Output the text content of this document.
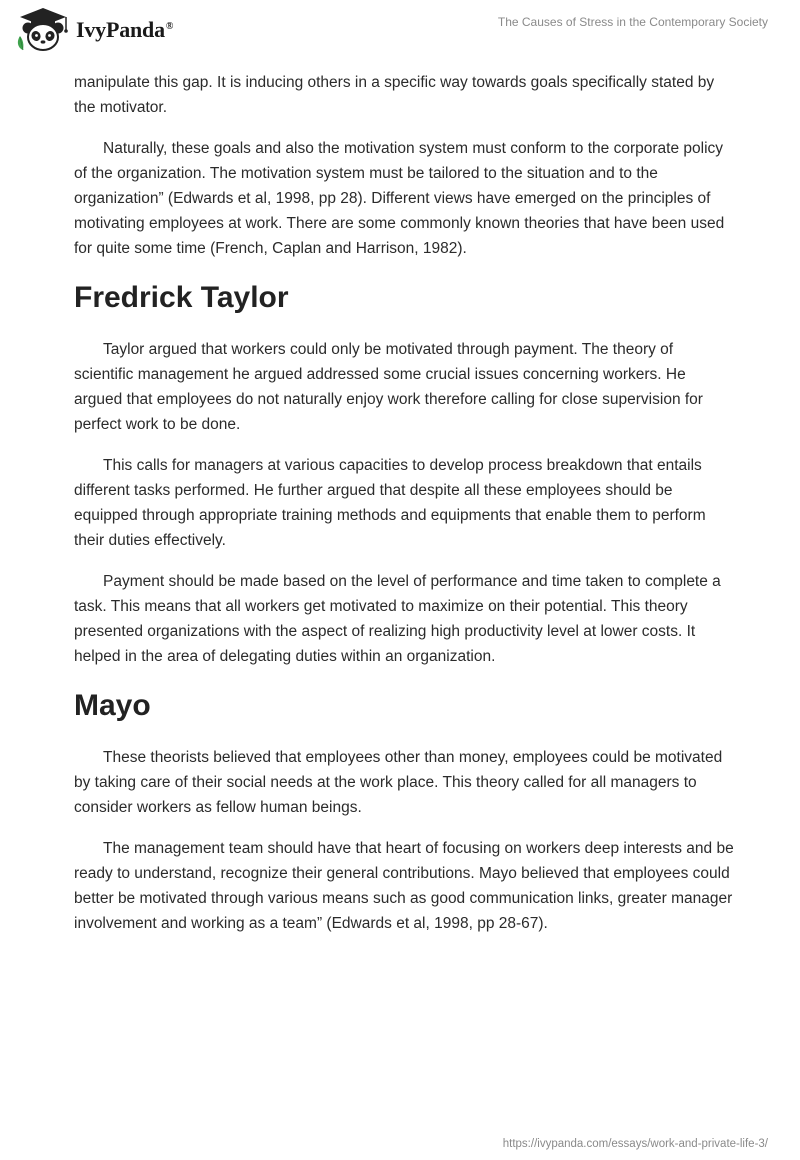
IvyPanda®	The Causes of Stress in the Contemporary Society

manipulate this gap. It is inducing others in a specific way towards goals specifically stated by the motivator.

Naturally, these goals and also the motivation system must conform to the corporate policy of the organization. The motivation system must be tailored to the situation and to the organization” (Edwards et al, 1998, pp 28). Different views have emerged on the principles of motivating employees at work. There are some commonly known theories that have been used for quite some time (French, Caplan and Harrison, 1982).

Fredrick Taylor

Taylor argued that workers could only be motivated through payment. The theory of scientific management he argued addressed some crucial issues concerning workers. He argued that employees do not naturally enjoy work therefore calling for close supervision for perfect work to be done.

This calls for managers at various capacities to develop process breakdown that entails different tasks performed. He further argued that despite all these employees should be equipped through appropriate training methods and equipments that enable them to perform their duties effectively.

Payment should be made based on the level of performance and time taken to complete a task. This means that all workers get motivated to maximize on their potential. This theory presented organizations with the aspect of realizing high productivity level at lower costs. It helped in the area of delegating duties within an organization.

Mayo

These theorists believed that employees other than money, employees could be motivated by taking care of their social needs at the work place. This theory called for all managers to consider workers as fellow human beings.

The management team should have that heart of focusing on workers deep interests and be ready to understand, recognize their general contributions. Mayo believed that employees could better be motivated through various means such as good communication links, greater manager involvement and working as a team” (Edwards et al, 1998, pp 28-67).

https://ivypanda.com/essays/work-and-private-life-3/
